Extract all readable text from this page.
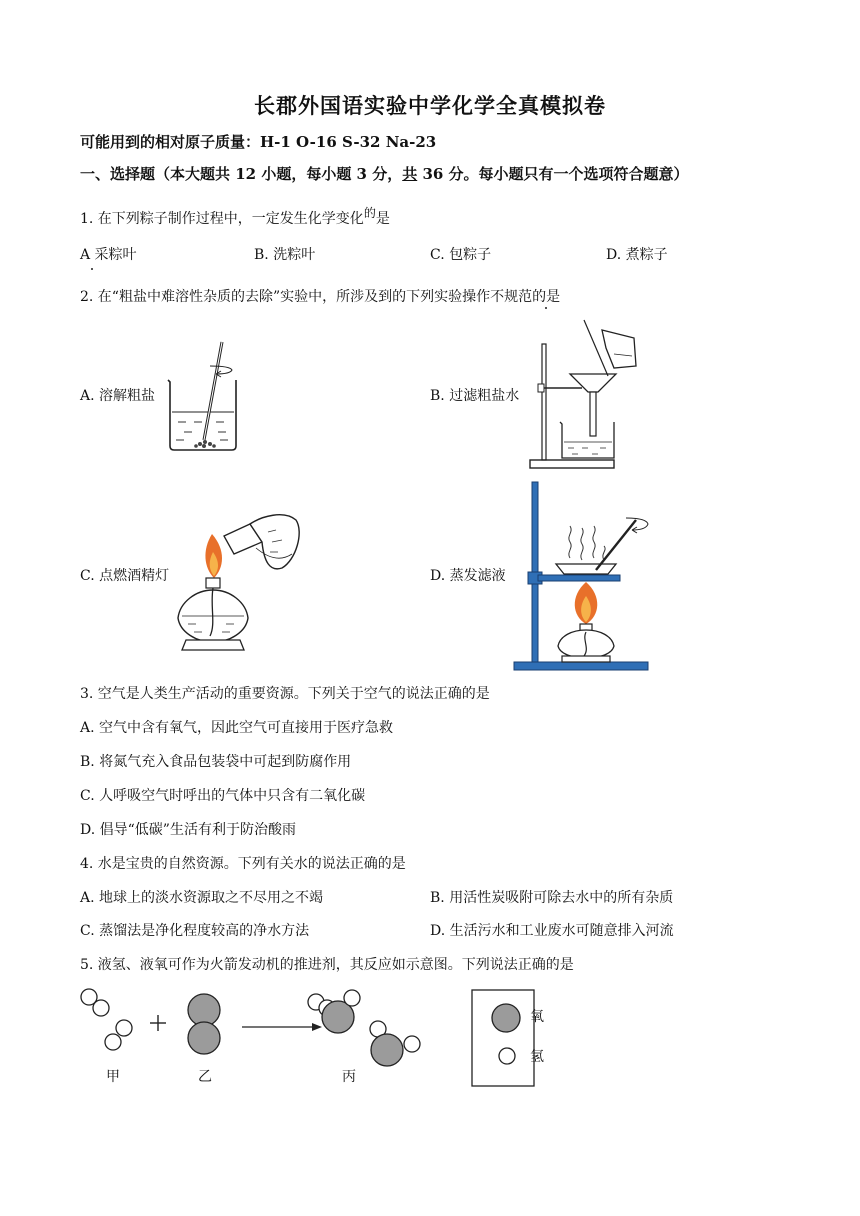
长郡外国语实验中学化学全真模拟卷
可能用到的相对原子质量：H-1 O-16 S-32 Na-23
一、选择题（本大题共 12 小题，每小题 3 分，共 36 分。每小题只有一个选项符合题意）
1. 在下列粽子制作过程中，一定发生化学变化的是
A 采粽叶	B. 洗粽叶	C. 包粽子
2. 在“粗盐中难溶性杂质的去除”实验中，所涉及到的下列实验操作不规范的是
A. 溶解粗盐	B. 过滤粗盐水
C. 点燃酒精灯	D. 蒸发滤液
3. 空气是人类生产活动的重要资源。下列关于空气的说法正确的是
A. 空气中含有氧气，因此空气可直接用于医疗急救
B. 将氮气充入食品包装袋中可起到防腐作用
C. 人呼吸空气时呼出的气体中只含有二氧化碳
D. 倡导“低碳”生活有利于防治酸雨
4. 水是宝贵的自然资源。下列有关水的说法正确的是
A. 地球上的淡水资源取之不尽用之不竭	B. 用活性炭吸附可除去水中的所有杂质
C. 蒸馏法是净化程度较高的净水方法	D. 生活污水和工业废水可随意排入河流
5. 液氢、液氧可作为火箭发动机的推进剂，其反应如示意图。下列说法正确的是
甲	乙	丙
氧
氢
D. 煮粽子
